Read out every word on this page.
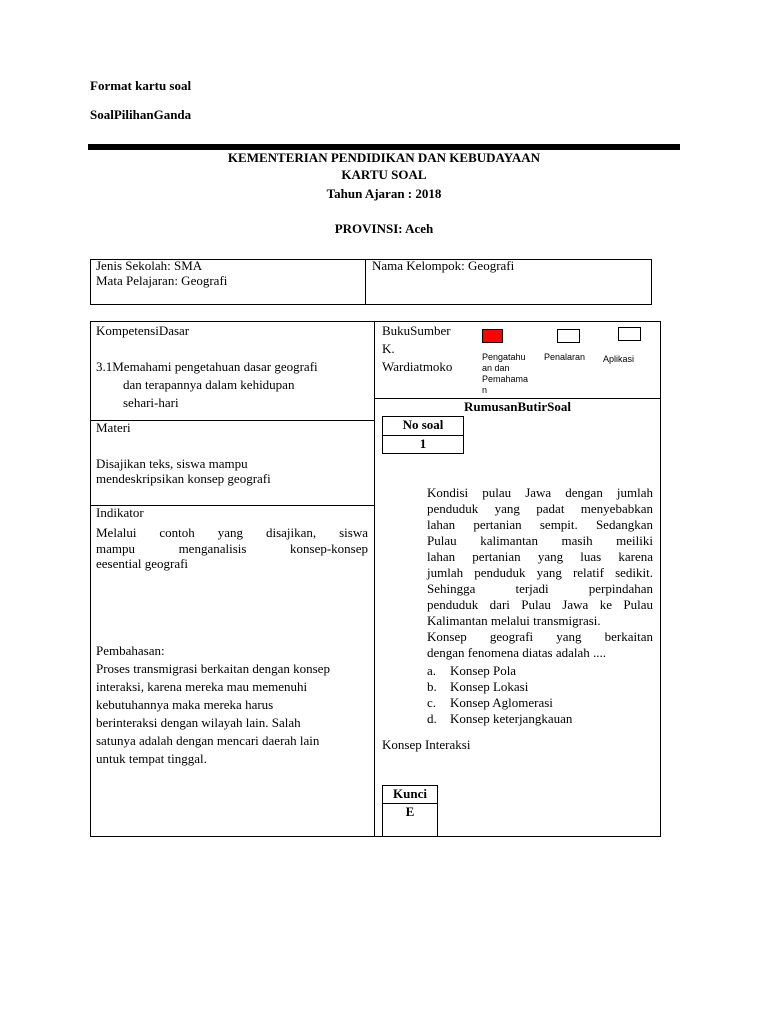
Format kartu soal
SoalPilihanGanda
KEMENTERIAN PENDIDIKAN DAN KEBUDAYAAN
KARTU SOAL
Tahun Ajaran : 2018
PROVINSI: Aceh
Jenis Sekolah: SMA
Mata Pelajaran: Geografi
Nama Kelompok: Geografi
KompetensiDasar
3.1Memahami pengetahuan dasar geografi
dan terapannya dalam kehidupan
sehari-hari
Materi
Disajikan teks, siswa mampu
mendeskripsikan konsep geografi
Indikator
Melalui contoh yang disajikan, siswa
mampu menganalisis konsep-konsep
eesential geografi
Pembahasan:
Proses transmigrasi berkaitan dengan konsep
interaksi, karena mereka mau memenuhi
kebutuhannya maka mereka harus
berinteraksi dengan wilayah lain. Salah
satunya adalah dengan mencari daerah lain
untuk tempat tinggal.
BukuSumber
K.
Wardiatmoko
Pengatahu
an dan
Pemahama
n
Penalaran Aplikasi
RumusanButirSoal
No soal
1
Kondisi pulau Jawa dengan jumlah
penduduk yang padat menyebabkan
lahan pertanian sempit. Sedangkan
Pulau kalimantan masih meiliki
lahan pertanian yang luas karena
jumlah penduduk yang relatif sedikit.
Sehingga terjadi perpindahan
penduduk dari Pulau Jawa ke Pulau
Kalimantan melalui transmigrasi.
Konsep geografi yang berkaitan
dengan fenomena diatas adalah ....
a. Konsep Pola
b. Konsep Lokasi
c. Konsep Aglomerasi
d. Konsep keterjangkauan
Konsep Interaksi
Kunci
E
